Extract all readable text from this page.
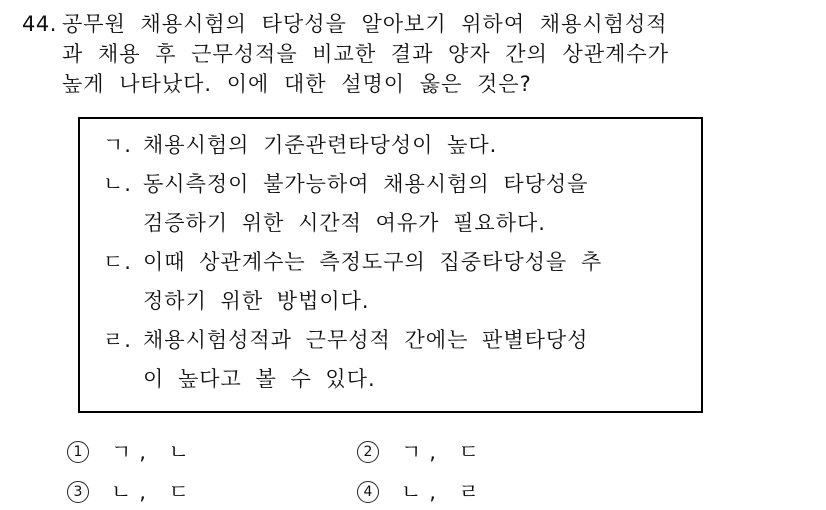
44. 공무원 채용시험의 타당성을 알아보기 위하여 채용시험성적
과 채용 후 근무성적을 비교한 결과 양자 간의 상관계수가
높게 나타났다. 이에 대한 설명이 옳은 것은?
ㄱ. 채용시험의 기준관련타당성이 높다.
ㄴ. 동시측정이 불가능하여 채용시험의 타당성을
검증하기 위한 시간적 여유가 필요하다.
ㄷ. 이때 상관계수는 측정도구의 집중타당성을 추
정하기 위한 방법이다.
ㄹ. 채용시험성적과 근무성적 간에는 판별타당성
이 높다고 볼 수 있다.
1	ㄱ, ㄴ	2	ㄱ, ㄷ
3	ㄴ, ㄷ	4	ㄴ, ㄹ
